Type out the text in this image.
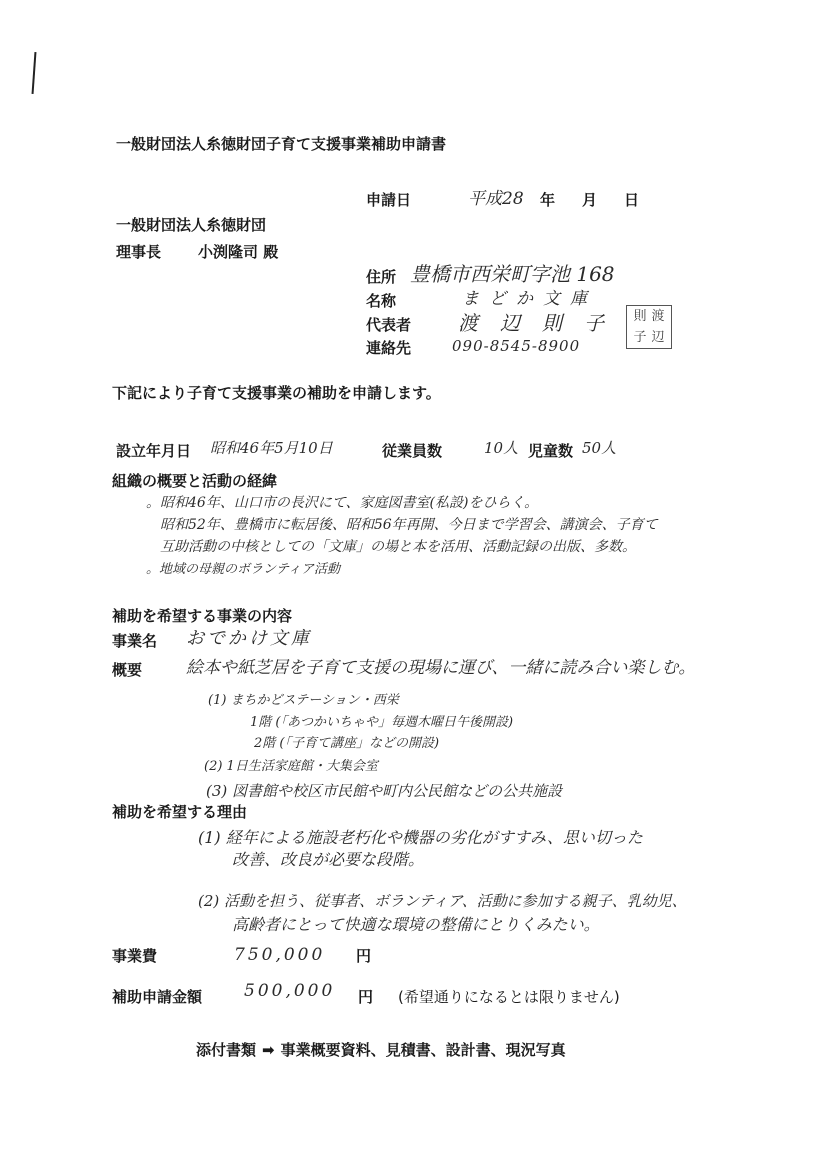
一般財団法人糸徳財団子育て支援事業補助申請書
申請日	平成28 年 月 日
一般財団法人糸徳財団
理事長 小渕隆司 殿
住所 豊橋市西栄町字池 168
名称	まどか文庫
代表者 渡辺則子
連絡先	090-8545-8900
則 渡
子 辺
下記により子育て支援事業の補助を申請します。
設立年月日 昭和46年5月10日	従業員数	10人 児童数 50人
組織の概要と活動の経緯
。昭和46年、山口市の長沢にて、家庭図書室(私設)をひらく。
昭和52年、豊橋市に転居後、昭和56年再開、今日まで学習会、講演会、子育て
互助活動の中核としての「文庫」の場と本を活用、活動記録の出版、多数。
。地域の母親のボランティア活動
補助を希望する事業の内容
事業名 おでかけ文庫
概要	絵本や紙芝居を子育て支援の現場に運び、一緒に読み合い楽しむ。
(1) まちかどステーション・西栄
1階 (「あつかいちゃや」毎週木曜日午後開設)
2階 (「子育て講座」などの開設)
(2) 1日生活家庭館・大集会室
(3) 図書館や校区市民館や町内公民館などの公共施設
補助を希望する理由
(1) 経年による施設老朽化や機器の劣化がすすみ、思い切った
改善、改良が必要な段階。
(2) 活動を担う、従事者、ボランティア、活動に参加する親子、乳幼児、
高齢者にとって快適な環境の整備にとりくみたい。
事業費	750,000 円
補助申請金額 500,000 円 (希望通りになるとは限りません)
添付書類 ➡ 事業概要資料、見積書、設計書、現況写真
